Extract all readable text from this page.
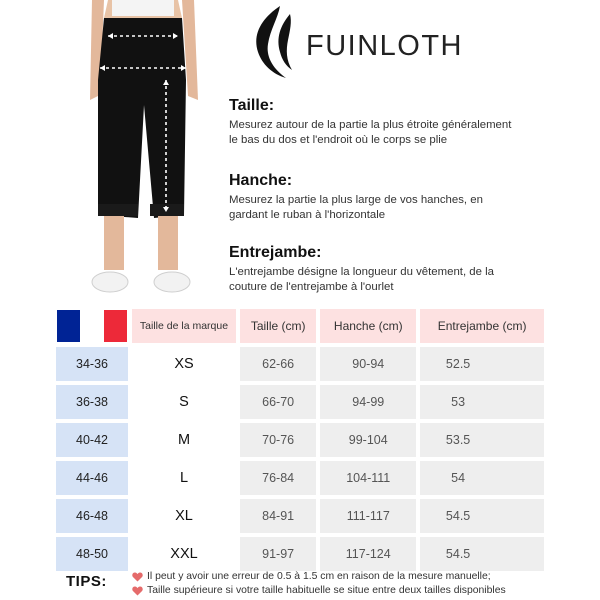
FUINLOTH
Taille:

Mesurez autour de la partie la plus étroite généralement

le bas du dos et l'endroit où le corps se plie

Hanche:

Mesurez la partie la plus large de vos hanches, en

gardant le ruban à l'horizontale

Entrejambe:

L'entrejambe désigne la longueur du vêtement, de la

couture de l'entrejambe à l'ourlet

	Taille de la marque	Taille (cm)	Hanche (cm)	Entrejambe (cm)
34-36	XS	62-66	90-94	52.5
36-38	S	66-70	94-99	53
40-42	M	70-76	99-104	53.5
44-46	L	76-84	104-111	54
46-48	XL	84-91	111-117	54.5
48-50	XXL	91-97	117-124	54.5
TIPS:	Il peut y avoir une erreur de 0.5 à 1.5 cm en raison de la mesure manuelle;
Taille supérieure si votre taille habituelle se situe entre deux tailles disponibles
